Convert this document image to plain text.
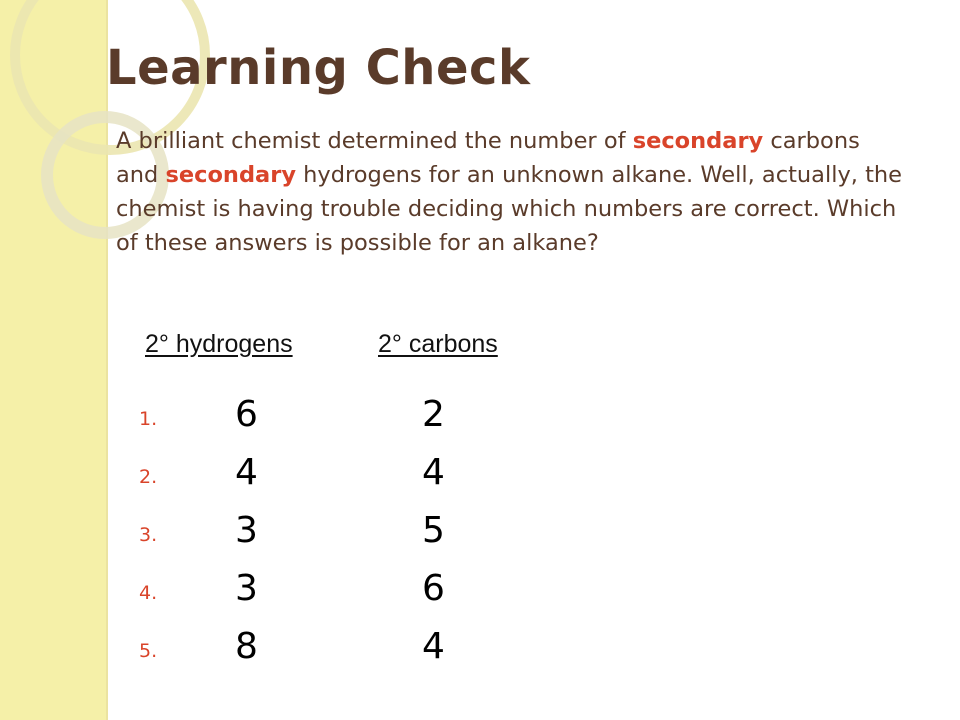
Learning Check

A brilliant chemist determined the number of secondary carbons and secondary hydrogens for an unknown alkane. Well, actually, the chemist is having trouble deciding which numbers are correct. Which of these answers is possible for an alkane?

2° hydrogens	2° carbons
1. 6	2
2. 4	4
3. 3	5
4. 3	6
5. 8	4
